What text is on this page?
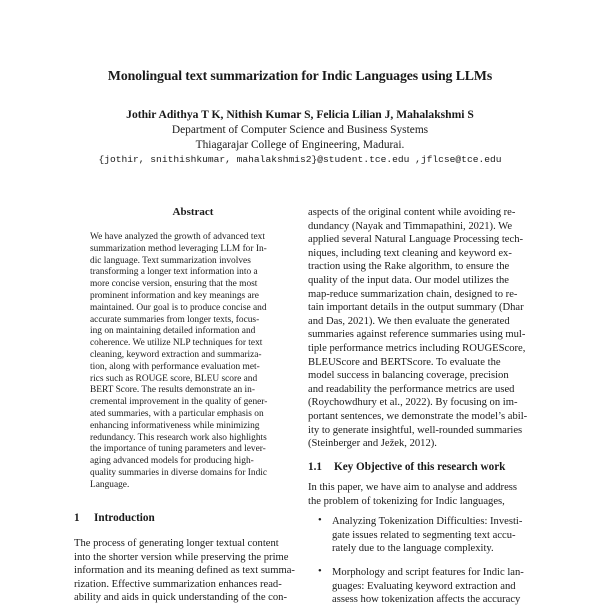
Monolingual text summarization for Indic Languages using LLMs
Jothir Adithya T K, Nithish Kumar S, Felicia Lilian J, Mahalakshmi S
Department of Computer Science and Business Systems
Thiagarajar College of Engineering, Madurai.
{jothir, snithishkumar, mahalakshmis2}@student.tce.edu ,jflcse@tce.edu
Abstract
We have analyzed the growth of advanced text
summarization method leveraging LLM for In-
dic language. Text summarization involves
transforming a longer text information into a
more concise version, ensuring that the most
prominent information and key meanings are
maintained. Our goal is to produce concise and
accurate summaries from longer texts, focus-
ing on maintaining detailed information and
coherence. We utilize NLP techniques for text
cleaning, keyword extraction and summariza-
tion, along with performance evaluation met-
rics such as ROUGE score, BLEU score and
BERT Score. The results demonstrate an in-
cremental improvement in the quality of gener-
ated summaries, with a particular emphasis on
enhancing informativeness while minimizing
redundancy. This research work also highlights
the importance of tuning parameters and lever-
aging advanced models for producing high-
quality summaries in diverse domains for Indic
Language.
1 Introduction
The process of generating longer textual content
into the shorter version while preserving the prime
information and its meaning defined as text summa-
rization. Effective summarization enhances read-
ability and aids in quick understanding of the con-
aspects of the original content while avoiding re-
dundancy (Nayak and Timmapathini, 2021). We
applied several Natural Language Processing tech-
niques, including text cleaning and keyword ex-
traction using the Rake algorithm, to ensure the
quality of the input data. Our model utilizes the
map-reduce summarization chain, designed to re-
tain important details in the output summary (Dhar
and Das, 2021). We then evaluate the generated
summaries against reference summaries using mul-
tiple performance metrics including ROUGEScore,
BLEUScore and BERTScore. To evaluate the
model success in balancing coverage, precision
and readability the performance metrics are used
(Roychowdhury et al., 2022). By focusing on im-
portant sentences, we demonstrate the model’s abil-
ity to generate insightful, well-rounded summaries
(Steinberger and Ježek, 2012).
1.1 Key Objective of this research work
In this paper, we have aim to analyse and address
the problem of tokenizing for Indic languages,
• Analyzing Tokenization Difficulties: Investi-
gate issues related to segmenting text accu-
rately due to the language complexity.
• Morphology and script features for Indic lan-
guages: Evaluating keyword extraction and
assess how tokenization affects the accuracy
